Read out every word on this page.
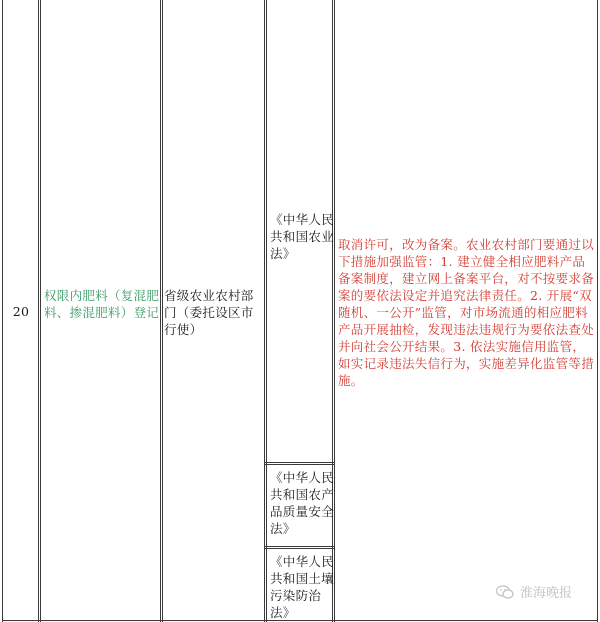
20
权限内肥料（复混肥料、掺混肥料）登记
省级农业农村部门（委托设区市行使）
《中华人民共和国农业法》
《中华人民共和国农产品质量安全法》
《中华人民共和国土壤污染防治法》
取消许可，改为备案。农业农村部门要通过以下措施加强监管：1. 建立健全相应肥料产品备案制度，建立网上备案平台，对不按要求备案的要依法设定并追究法律责任。2. 开展“双随机、一公开”监管，对市场流通的相应肥料产品开展抽检，发现违法违规行为要依法查处并向社会公开结果。3. 依法实施信用监管，如实记录违法失信行为，实施差异化监管等措施。
淮海晚报
